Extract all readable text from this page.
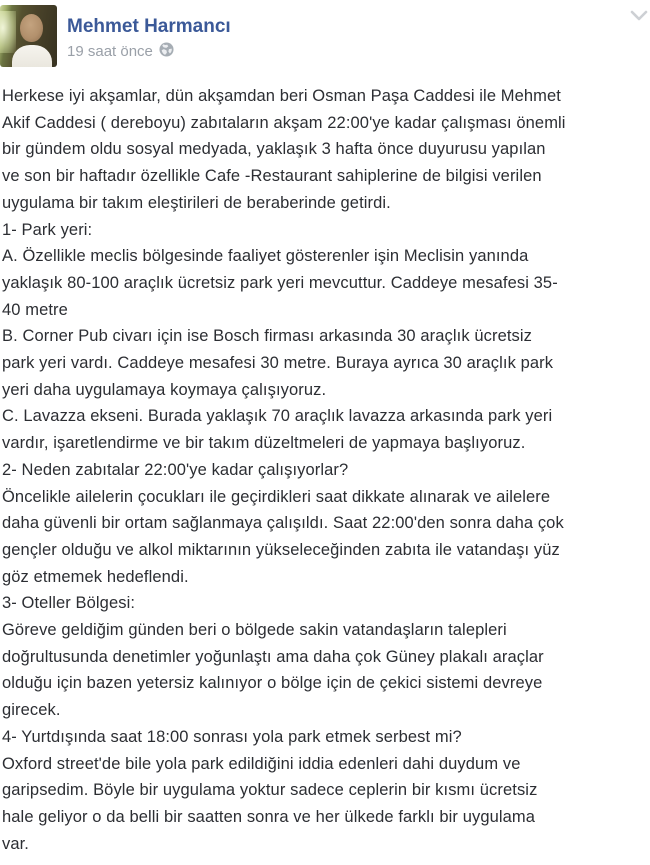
Mehmet Harmancı
19 saat önce
Herkese iyi akşamlar, dün akşamdan beri Osman Paşa Caddesi ile Mehmet
Akif Caddesi ( dereboyu) zabıtaların akşam 22:00'ye kadar çalışması önemli
bir gündem oldu sosyal medyada, yaklaşık 3 hafta önce duyurusu yapılan
ve son bir haftadır özellikle Cafe -Restaurant sahiplerine de bilgisi verilen
uygulama bir takım eleştirileri de beraberinde getirdi.
1- Park yeri:
A. Özellikle meclis bölgesinde faaliyet gösterenler işin Meclisin yanında
yaklaşık 80-100 araçlık ücretsiz park yeri mevcuttur. Caddeye mesafesi 35-
40 metre
B. Corner Pub civarı için ise Bosch firması arkasında 30 araçlık ücretsiz
park yeri vardı. Caddeye mesafesi 30 metre. Buraya ayrıca 30 araçlık park
yeri daha uygulamaya koymaya çalışıyoruz.
C. Lavazza ekseni. Burada yaklaşık 70 araçlık lavazza arkasında park yeri
vardır, işaretlendirme ve bir takım düzeltmeleri de yapmaya başlıyoruz.
2- Neden zabıtalar 22:00'ye kadar çalışıyorlar?
Öncelikle ailelerin çocukları ile geçirdikleri saat dikkate alınarak ve ailelere
daha güvenli bir ortam sağlanmaya çalışıldı. Saat 22:00'den sonra daha çok
gençler olduğu ve alkol miktarının yükseleceğinden zabıta ile vatandaşı yüz
göz etmemek hedeflendi.
3- Oteller Bölgesi:
Göreve geldiğim günden beri o bölgede sakin vatandaşların talepleri
doğrultusunda denetimler yoğunlaştı ama daha çok Güney plakalı araçlar
olduğu için bazen yetersiz kalınıyor o bölge için de çekici sistemi devreye
girecek.
4- Yurtdışında saat 18:00 sonrası yola park etmek serbest mi?
Oxford street'de bile yola park edildiğini iddia edenleri dahi duydum ve
garipsedim. Böyle bir uygulama yoktur sadece ceplerin bir kısmı ücretsiz
hale geliyor o da belli bir saatten sonra ve her ülkede farklı bir uygulama
var.
